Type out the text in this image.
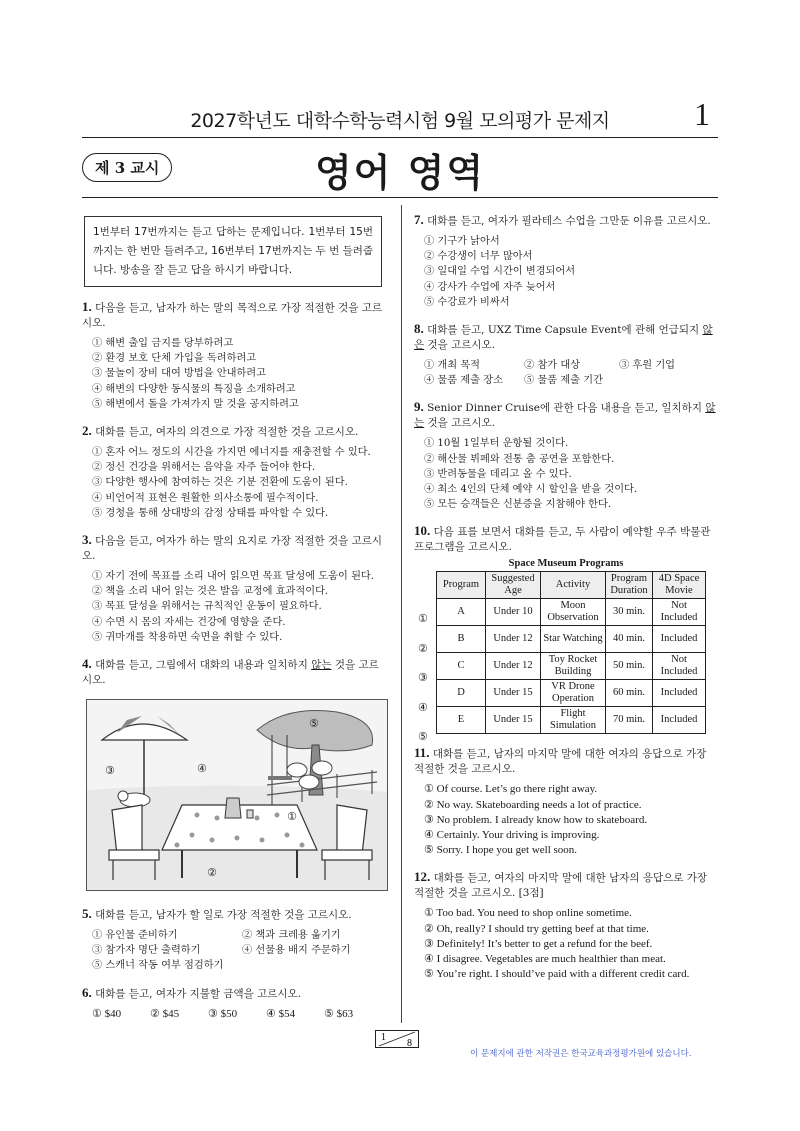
2027학년도 대학수학능력시험 9월 모의평가 문제지	1
제 3 교시	영어 영역
1번부터 17번까지는 듣고 답하는 문제입니다. 1번부터 15번까지는 한 번만 들려주고, 16번부터 17번까지는 두 번 들려줍니다. 방송을 잘 듣고 답을 하시기 바랍니다.
1. 다음을 듣고, 남자가 하는 말의 목적으로 가장 적절한 것을 고르시오.
① 해변 출입 금지를 당부하려고
② 환경 보호 단체 가입을 독려하려고
③ 물놀이 장비 대여 방법을 안내하려고
④ 해변의 다양한 동식물의 특징을 소개하려고
⑤ 해변에서 돌을 가져가지 말 것을 공지하려고
2. 대화를 듣고, 여자의 의견으로 가장 적절한 것을 고르시오.
① 혼자 어느 정도의 시간을 가지면 에너지를 재충전할 수 있다.
② 정신 건강을 위해서는 음악을 자주 들어야 한다.
③ 다양한 행사에 참여하는 것은 기분 전환에 도움이 된다.
④ 비언어적 표현은 원활한 의사소통에 필수적이다.
⑤ 경청을 통해 상대방의 감정 상태를 파악할 수 있다.
3. 다음을 듣고, 여자가 하는 말의 요지로 가장 적절한 것을 고르시오.
① 자기 전에 목표를 소리 내어 읽으면 목표 달성에 도움이 된다.
② 책을 소리 내어 읽는 것은 발음 교정에 효과적이다.
③ 목표 달성을 위해서는 규칙적인 운동이 필요하다.
④ 수면 시 몸의 자세는 건강에 영향을 준다.
⑤ 귀마개를 착용하면 숙면을 취할 수 있다.
4. 대화를 듣고, 그림에서 대화의 내용과 일치하지 않는 것을 고르시오.
⑤
④
③
①
②
5. 대화를 듣고, 남자가 할 일로 가장 적절한 것을 고르시오.
① 유인물 준비하기	② 책과 크레용 옮기기
③ 참가자 명단 출력하기	④ 선물용 배지 주문하기
⑤ 스캐너 작동 여부 점검하기
6. 대화를 듣고, 여자가 지불할 금액을 고르시오.
① $40	② $45	③ $50	④ $54	⑤ $63
7. 대화를 듣고, 여자가 필라테스 수업을 그만둔 이유를 고르시오.
① 기구가 낡아서
② 수강생이 너무 많아서
③ 일대일 수업 시간이 변경되어서
④ 강사가 수업에 자주 늦어서
⑤ 수강료가 비싸서
8. 대화를 듣고, UXZ Time Capsule Event에 관해 언급되지 않은 것을 고르시오.
① 개최 목적	② 참가 대상	③ 후원 기업
④ 물품 제출 장소	⑤ 물품 제출 기간
9. Senior Dinner Cruise에 관한 다음 내용을 듣고, 일치하지 않는 것을 고르시오.
① 10월 1일부터 운항될 것이다.
② 해산물 뷔페와 전통 춤 공연을 포함한다.
③ 반려동물을 데리고 올 수 있다.
④ 최소 4인의 단체 예약 시 할인을 받을 것이다.
⑤ 모든 승객들은 신분증을 지참해야 한다.
10. 다음 표를 보면서 대화를 듣고, 두 사람이 예약할 우주 박물관 프로그램을 고르시오.
Space Museum Programs
Program	Suggested Age	Activity	Program Duration	4D Space Movie
A	Under 10	Moon Observation	30 min.	Not Included
B	Under 12	Star Watching	40 min.	Included
C	Under 12	Toy Rocket Building	50 min.	Not Included
D	Under 15	VR Drone Operation	60 min.	Included
E	Under 15	Flight Simulation	70 min.	Included
①
②
③
④
⑤
11. 대화를 듣고, 남자의 마지막 말에 대한 여자의 응답으로 가장 적절한 것을 고르시오.
① Of course. Let’s go there right away.
② No way. Skateboarding needs a lot of practice.
③ No problem. I already know how to skateboard.
④ Certainly. Your driving is improving.
⑤ Sorry. I hope you get well soon.
12. 대화를 듣고, 여자의 마지막 말에 대한 남자의 응답으로 가장 적절한 것을 고르시오. [3점]
① Too bad. You need to shop online sometime.
② Oh, really? I should try getting beef at that time.
③ Definitely! It’s better to get a refund for the beef.
④ I disagree. Vegetables are much healthier than meat.
⑤ You’re right. I should’ve paid with a different credit card.
1
8
이 문제지에 관한 저작권은 한국교육과정평가원에 있습니다.
